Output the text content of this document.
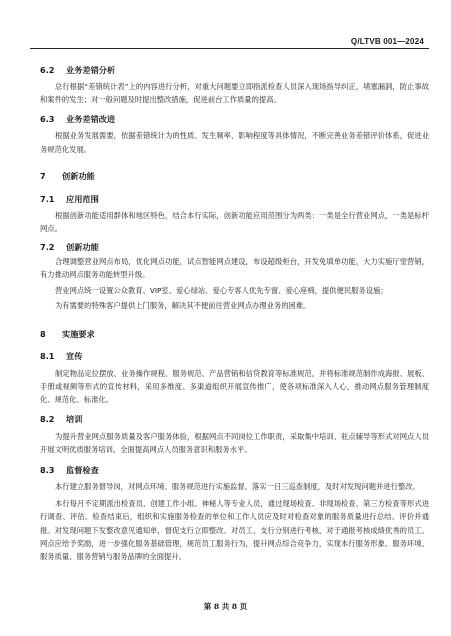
Q/LTVB 001—2024
6.2 业务差错分析

总行根据“差错统计表”上的内容进行分析，对重大问题要立即指派检查人员深入现场指导纠正，堵塞漏洞，防止事故和案件的发生；对一般问题及时提出整改措施，促进前台工作质量的提高。

6.3 业务差错改进

根据业务发展需要，依据差错统计为的性质、发生频率、影响程度等具体情况，不断完善业务差错评价体系，促进业务规范化发展。

7 创新功能
7.1 应用范围

根据创新功能适用群体和地区特色，结合本行实际，创新功能应用范围分为两类：一类是全行营业网点，一类是标杆网点。

7.2 创新功能

合理调整营业网点布局，优化网点功能，试点智能网点建设，布设超级柜台，开发免填单功能，大力实施厅堂营销，有力推动网点服务功能转型升级。

营业网点统一设置公众教育、VIP室、爱心绿站、爱心专客人优先专窗、爱心座椅，提供便民服务设施；

为有需要的特殊客户提供上门服务，解决其不便前往营业网点办理业务的困难。

8 实施要求
8.1 宣传

制定物品定位摆放、业务操作规程、服务规范、产品营销和信贷教育等标准规范，并将标准规范制作成海报、展板、手册或视频等形式的宣传材料，采用多维度、多渠道组织开展宣传推广，使各项标准深入人心，推动网点服务管理制度化、规范化、标准化。

8.2 培训

为提升营业网点服务质量及客户服务体验，根据网点不同岗位工作职责，采取集中培训、驻点辅导等形式对网点人员开展文明优质服务培训，全面提高网点人员服务意识和服务水平。

8.3 监督检查

本行建立服务督导岗，对网点环境、服务规范进行实施监督，落实一日三巡查制度，及时对发现问题并进行整改。

本行每月不定期派出检查员、创建工作小组、神秘人等专业人员，通过现场检查、非现场检查、第三方检查等形式进行调查、评估。检查结束后，组织和实施服务检查的单位和工作人员应及时对检查对象的服务质量进行总结、评价并通报。对发现问题下发整改意见通知单，督促支行立即整改。对员工、支行分别进行考核，对于通报考核成绩优秀的员工、网点应给予奖励，进一步强化服务基础管理，规范员工服务行为，提升网点综合竞争力，实现本行服务形象、服务环境、服务质量、服务营销与服务品牌的全面提升。

第 8 共 8 页
